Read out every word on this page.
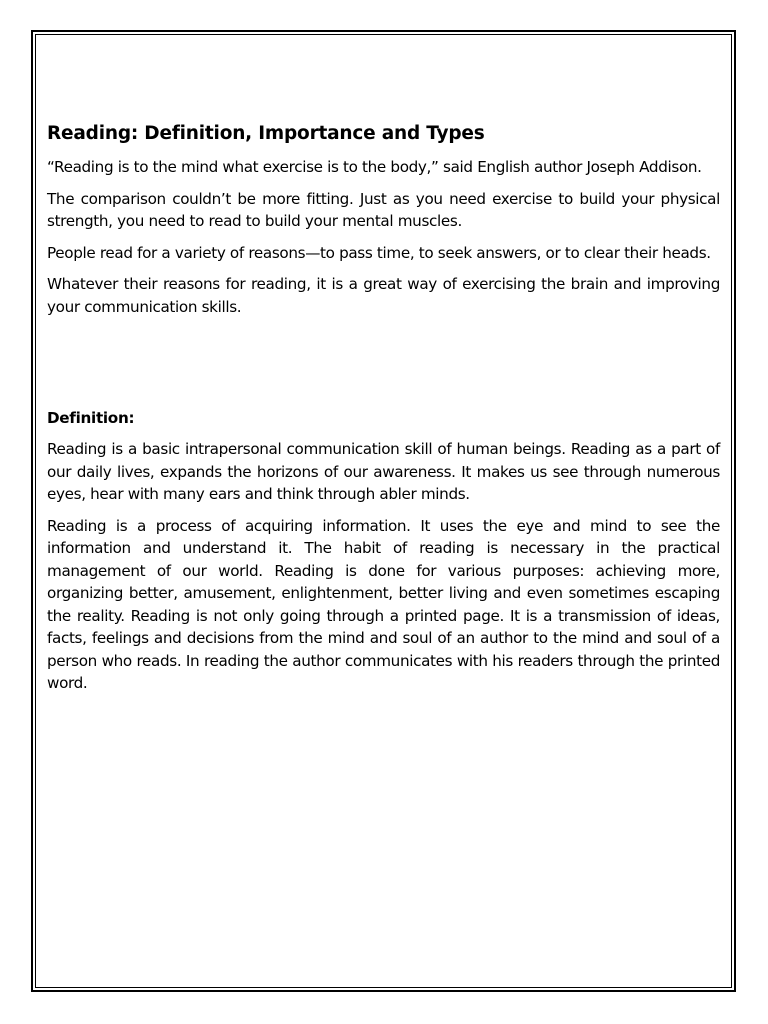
Reading: Definition, Importance and Types

“Reading is to the mind what exercise is to the body,” said English author Joseph Addison.

The comparison couldn’t be more fitting. Just as you need exercise to build your physical strength, you need to read to build your mental muscles.

People read for a variety of reasons—to pass time, to seek answers, or to clear their heads.

Whatever their reasons for reading, it is a great way of exercising the brain and improving your communication skills.

Definition:

Reading is a basic intrapersonal communication skill of human beings. Reading as a part of our daily lives, expands the horizons of our awareness. It makes us see through numerous eyes, hear with many ears and think through abler minds.

Reading is a process of acquiring information. It uses the eye and mind to see the information and understand it. The habit of reading is necessary in the practical management of our world. Reading is done for various purposes: achieving more, organizing better, amusement, enlightenment, better living and even sometimes escaping the reality. Reading is not only going through a printed page. It is a transmission of ideas, facts, feelings and decisions from the mind and soul of an author to the mind and soul of a person who reads. In reading the author communicates with his readers through the printed word.
